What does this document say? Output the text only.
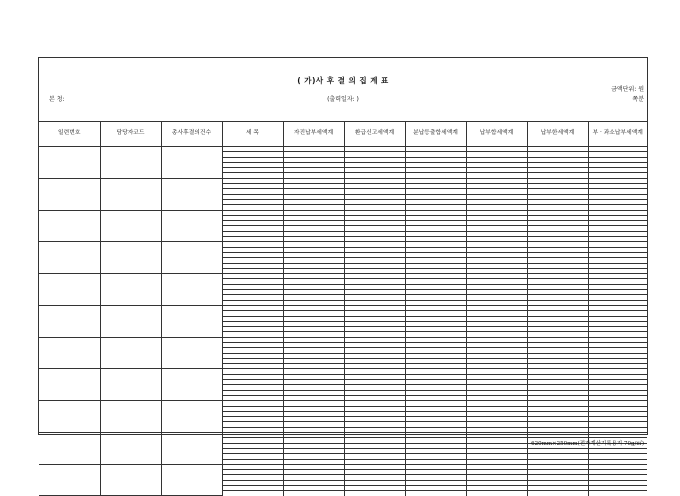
( 가)사 후 결 의 집 계 표
본 청:	(출력일자: )
금액단위: 원
쪽분
일련번호	담당자코드	총사후결의건수	세 목	자진납부세액계	환급신고세액계	분납등출합세액계	납부합세액계	납부한세액계	부 · 과소납부세액계

620mm×250mm(전자계산기록용지 70g/㎡)
